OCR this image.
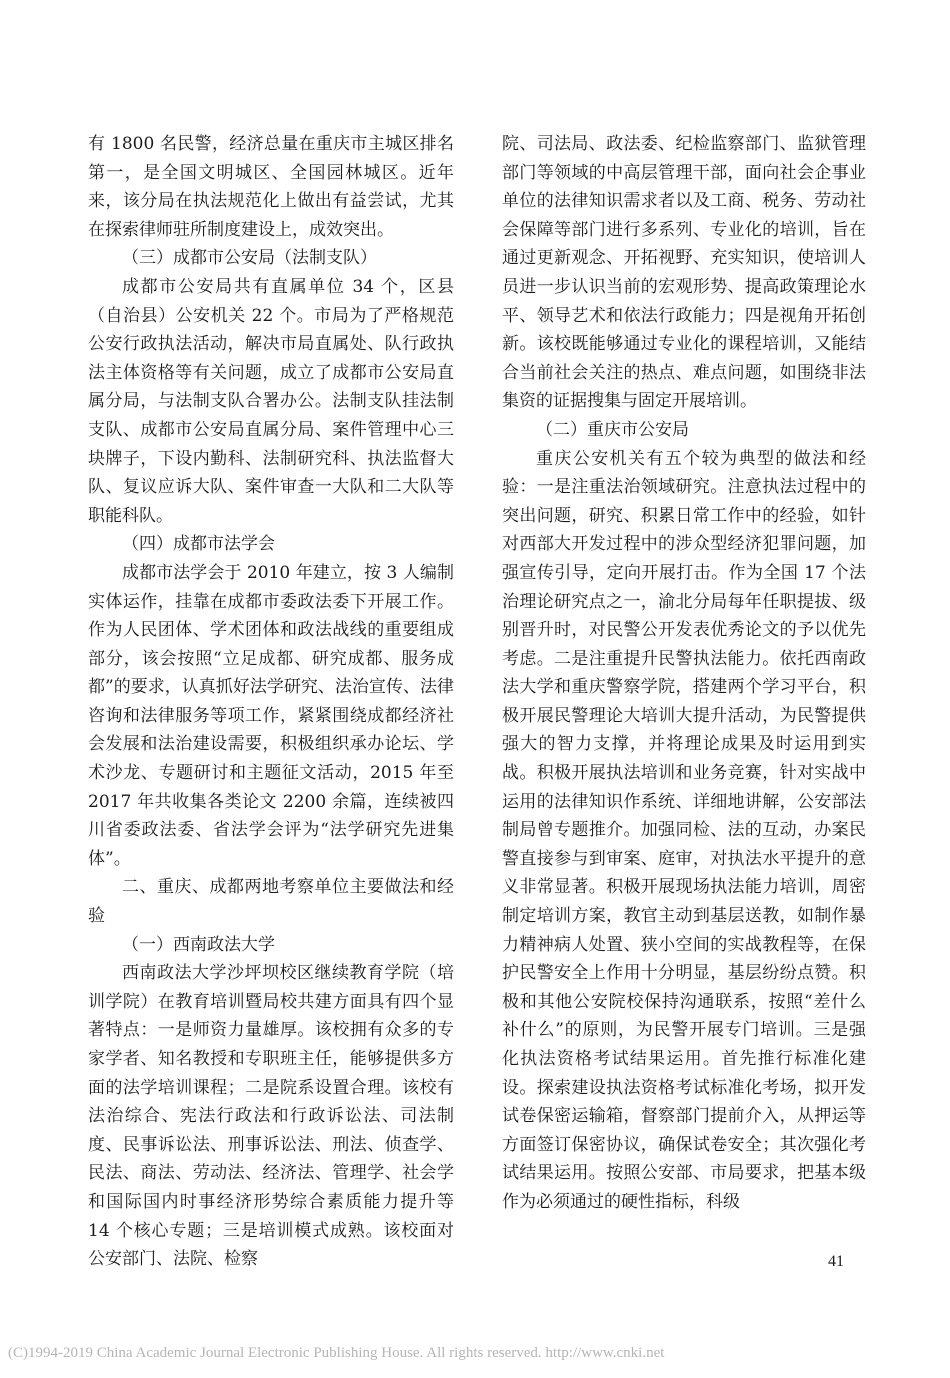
有 1800 名民警，经济总量在重庆市主城区排名第一，是全国文明城区、全国园林城区。近年来，该分局在执法规范化上做出有益尝试，尤其在探索律师驻所制度建设上，成效突出。

（三）成都市公安局（法制支队）

成都市公安局共有直属单位 34 个，区县（自治县）公安机关 22 个。市局为了严格规范公安行政执法活动，解决市局直属处、队行政执法主体资格等有关问题，成立了成都市公安局直属分局，与法制支队合署办公。法制支队挂法制支队、成都市公安局直属分局、案件管理中心三块牌子，下设内勤科、法制研究科、执法监督大队、复议应诉大队、案件审查一大队和二大队等职能科队。

（四）成都市法学会

成都市法学会于 2010 年建立，按 3 人编制实体运作，挂靠在成都市委政法委下开展工作。作为人民团体、学术团体和政法战线的重要组成部分，该会按照“立足成都、研究成都、服务成都”的要求，认真抓好法学研究、法治宣传、法律咨询和法律服务等项工作，紧紧围绕成都经济社会发展和法治建设需要，积极组织承办论坛、学术沙龙、专题研讨和主题征文活动，2015 年至 2017 年共收集各类论文 2200 余篇，连续被四川省委政法委、省法学会评为“法学研究先进集体”。

二、重庆、成都两地考察单位主要做法和经验

（一）西南政法大学

西南政法大学沙坪坝校区继续教育学院（培训学院）在教育培训暨局校共建方面具有四个显著特点：一是师资力量雄厚。该校拥有众多的专家学者、知名教授和专职班主任，能够提供多方面的法学培训课程；二是院系设置合理。该校有法治综合、宪法行政法和行政诉讼法、司法制度、民事诉讼法、刑事诉讼法、刑法、侦查学、民法、商法、劳动法、经济法、管理学、社会学和国际国内时事经济形势综合素质能力提升等 14 个核心专题；三是培训模式成熟。该校面对公安部门、法院、检察

院、司法局、政法委、纪检监察部门、监狱管理部门等领域的中高层管理干部，面向社会企事业单位的法律知识需求者以及工商、税务、劳动社会保障等部门进行多系列、专业化的培训，旨在通过更新观念、开拓视野、充实知识，使培训人员进一步认识当前的宏观形势、提高政策理论水平、领导艺术和依法行政能力；四是视角开拓创新。该校既能够通过专业化的课程培训，又能结合当前社会关注的热点、难点问题，如围绕非法集资的证据搜集与固定开展培训。

（二）重庆市公安局

重庆公安机关有五个较为典型的做法和经验：一是注重法治领域研究。注意执法过程中的突出问题，研究、积累日常工作中的经验，如针对西部大开发过程中的涉众型经济犯罪问题，加强宣传引导，定向开展打击。作为全国 17 个法治理论研究点之一，渝北分局每年任职提拔、级别晋升时，对民警公开发表优秀论文的予以优先考虑。二是注重提升民警执法能力。依托西南政法大学和重庆警察学院，搭建两个学习平台，积极开展民警理论大培训大提升活动，为民警提供强大的智力支撑，并将理论成果及时运用到实战。积极开展执法培训和业务竞赛，针对实战中运用的法律知识作系统、详细地讲解，公安部法制局曾专题推介。加强同检、法的互动，办案民警直接参与到审案、庭审，对执法水平提升的意义非常显著。积极开展现场执法能力培训，周密制定培训方案，教官主动到基层送教，如制作暴力精神病人处置、狭小空间的实战教程等，在保护民警安全上作用十分明显，基层纷纷点赞。积极和其他公安院校保持沟通联系，按照“差什么补什么”的原则，为民警开展专门培训。三是强化执法资格考试结果运用。首先推行标准化建设。探索建设执法资格考试标准化考场，拟开发试卷保密运输箱，督察部门提前介入，从押运等方面签订保密协议，确保试卷安全；其次强化考试结果运用。按照公安部、市局要求，把基本级作为必须通过的硬性指标，科级

41
(C)1994-2019 China Academic Journal Electronic Publishing House. All rights reserved. http://www.cnki.net
